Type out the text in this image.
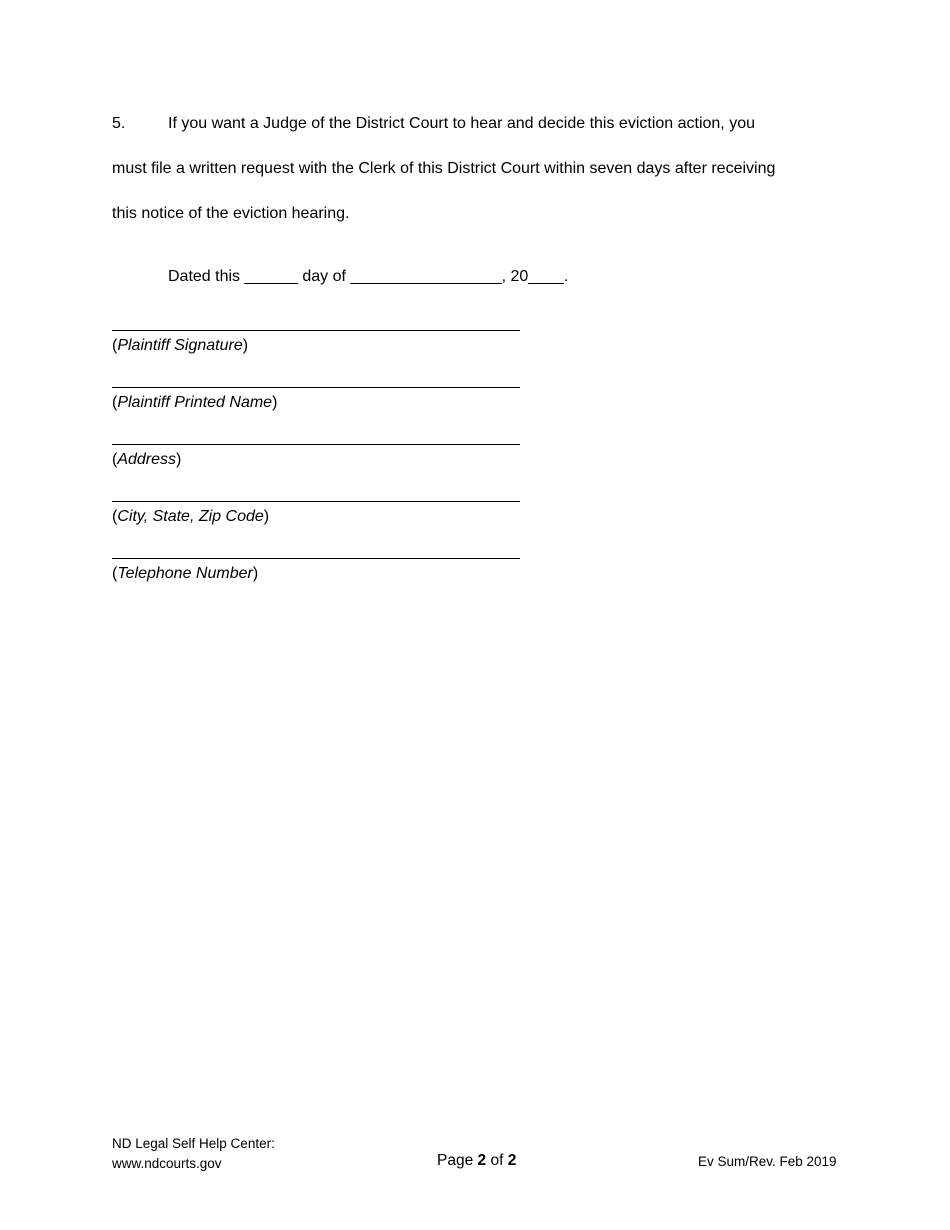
5.	If you want a Judge of the District Court to hear and decide this eviction action, you
must file a written request with the Clerk of this District Court within seven days after receiving
this notice of the eviction hearing.
Dated this ______ day of _________________, 20____.
(Plaintiff Signature)
(Plaintiff Printed Name)
(Address)
(City, State, Zip Code)
(Telephone Number)
ND Legal Self Help Center:
www.ndcourts.gov	Page 2 of 2	Ev Sum/Rev. Feb 2019
